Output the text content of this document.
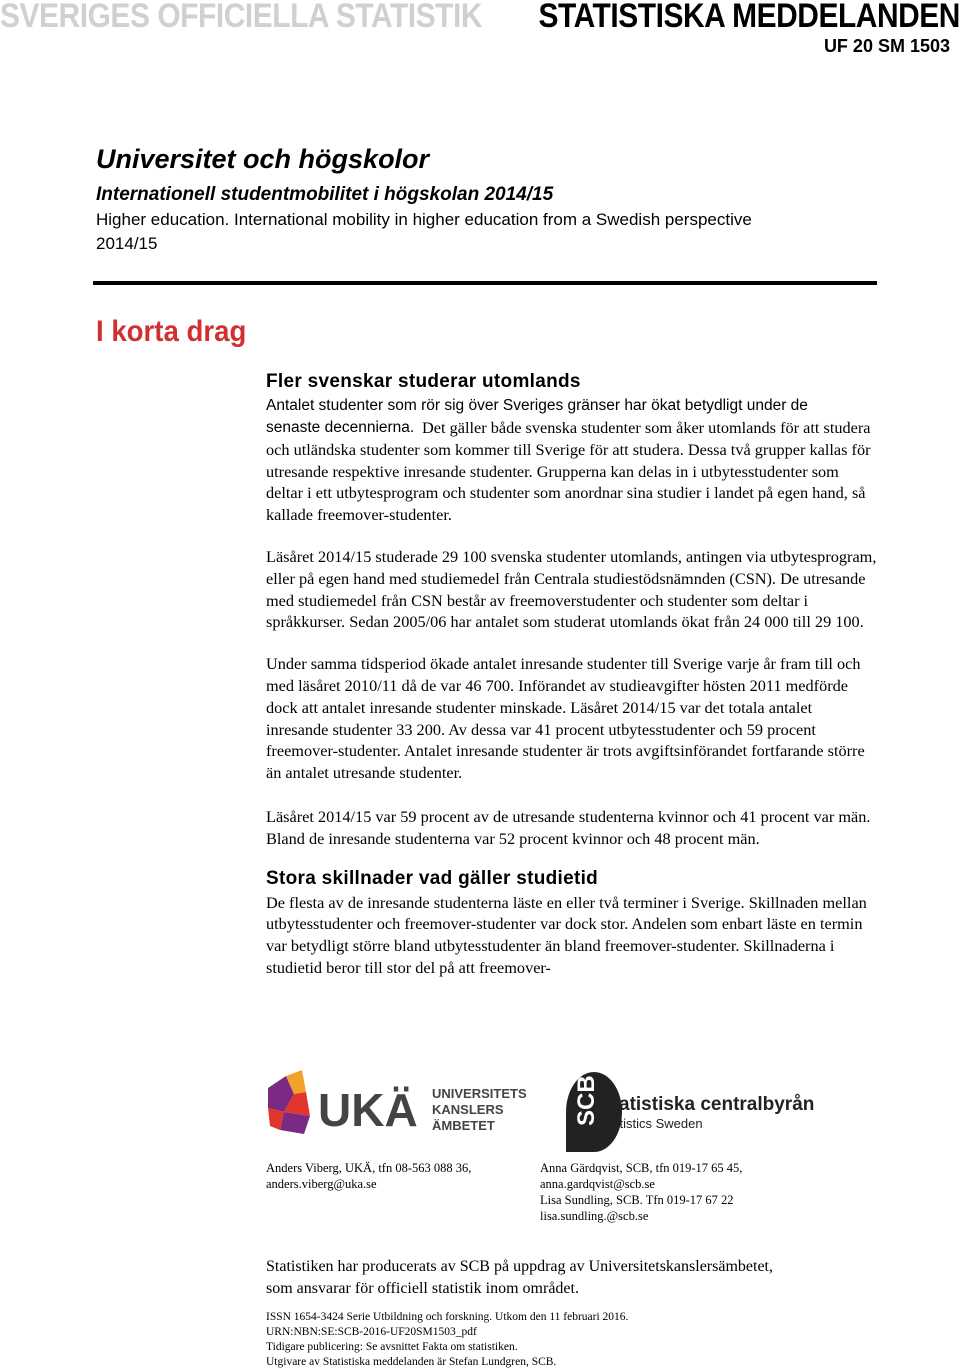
SVERIGES OFFICIELLA STATISTIK STATISTISKA MEDDELANDEN
UF 20 SM 1503
Universitet och högskolor
Internationell studentmobilitet i högskolan 2014/15
Higher education. International mobility in higher education from a Swedish perspective
2014/15
I korta drag
Fler svenskar studerar utomlands

Antalet studenter som rör sig över Sveriges gränser har ökat betydligt under de

senaste decennierna. Det gäller både svenska studenter som åker utomlands för att studera och utländska studenter som kommer till Sverige för att studera. Dessa två grupper kallas för utresande respektive inresande studenter. Grupperna kan delas in i utbytesstudenter som deltar i ett utbytesprogram och studenter som anordnar sina studier i landet på egen hand, så kallade freemover-studenter.

Läsåret 2014/15 studerade 29 100 svenska studenter utomlands, antingen via utbytesprogram, eller på egen hand med studiemedel från Centrala studiestödsnämnden (CSN). De utresande med studiemedel från CSN består av freemoverstudenter och studenter som deltar i språkkurser. Sedan 2005/06 har antalet som studerat utomlands ökat från 24 000 till 29 100.

Under samma tidsperiod ökade antalet inresande studenter till Sverige varje år fram till och med läsåret 2010/11 då de var 46 700. Införandet av studieavgifter hösten 2011 medförde dock att antalet inresande studenter minskade. Läsåret 2014/15 var det totala antalet inresande studenter 33 200. Av dessa var 41 procent utbytesstudenter och 59 procent freemover-studenter. Antalet inresande studenter är trots avgiftsinförandet fortfarande större än antalet utresande studenter.

Läsåret 2014/15 var 59 procent av de utresande studenterna kvinnor och 41 procent var män. Bland de inresande studenterna var 52 procent kvinnor och 48 procent män.

Stora skillnader vad gäller studietid

De flesta av de inresande studenterna läste en eller två terminer i Sverige. Skillnaden mellan utbytesstudenter och freemover-studenter var dock stor. Andelen som enbart läste en termin var betydligt större bland utbytesstudenter än bland freemover-studenter. Skillnaderna i studietid beror till stor del på att freemover-

UKÄ UNIVERSITETS
KANSLERS
ÄMBETET	SCB Statistiska centralbyrån
Statistics Sweden
Anders Viberg, UKÄ, tfn 08-563 088 36,
anders.viberg@uka.se
Anna Gärdqvist, SCB, tfn 019-17 65 45,
anna.gardqvist@scb.se
Lisa Sundling, SCB. Tfn 019-17 67 22
lisa.sundling.@scb.se
Statistiken har producerats av SCB på uppdrag av Universitetskanslersämbetet,
som ansvarar för officiell statistik inom området.
ISSN 1654-3424 Serie Utbildning och forskning. Utkom den 11 februari 2016.
URN:NBN:SE:SCB-2016-UF20SM1503_pdf
Tidigare publicering: Se avsnittet Fakta om statistiken.
Utgivare av Statistiska meddelanden är Stefan Lundgren, SCB.
